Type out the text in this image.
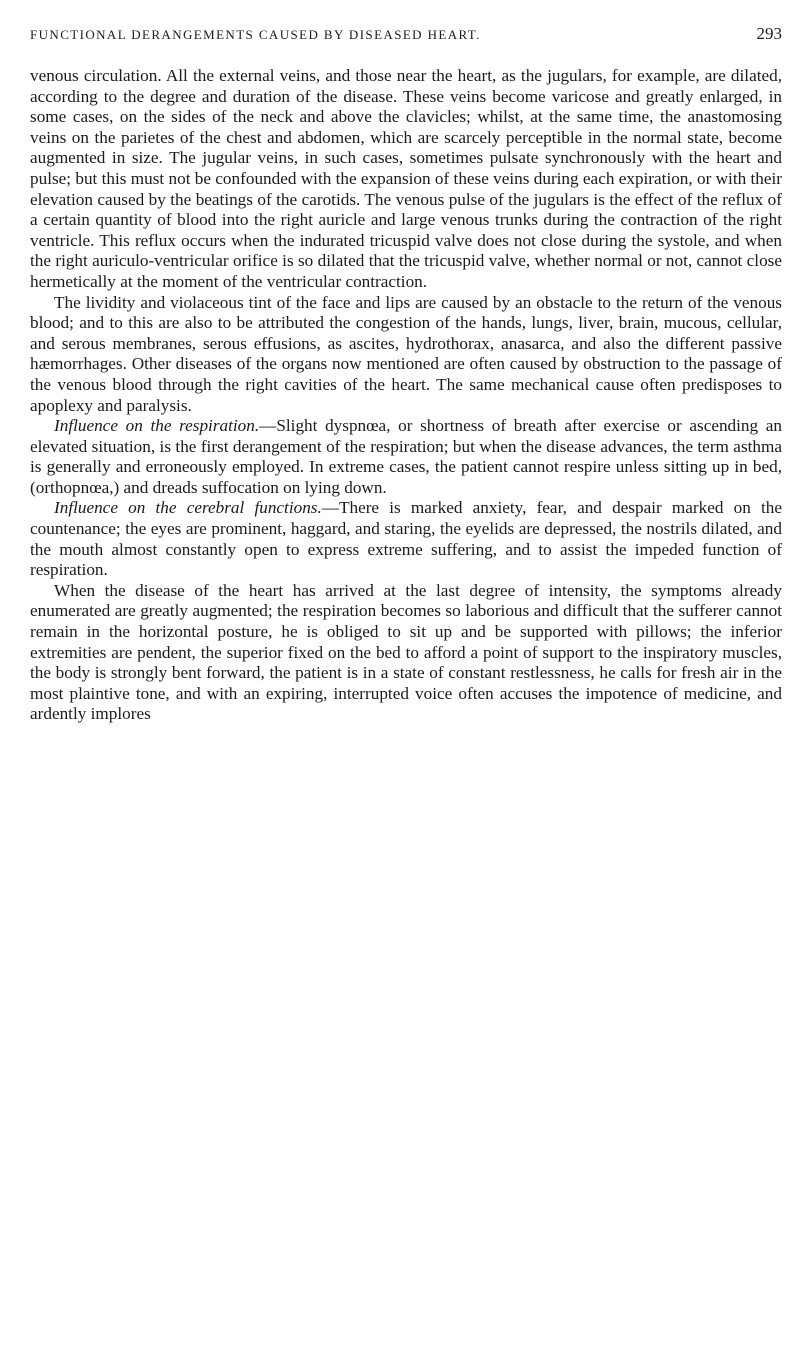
FUNCTIONAL DERANGEMENTS CAUSED BY DISEASED HEART.	293

venous circulation. All the external veins, and those near the heart, as the jugulars, for example, are dilated, according to the degree and duration of the disease. These veins become varicose and greatly enlarged, in some cases, on the sides of the neck and above the clavicles; whilst, at the same time, the anastomosing veins on the parietes of the chest and abdomen, which are scarcely perceptible in the normal state, become augmented in size. The jugular veins, in such cases, sometimes pulsate synchronously with the heart and pulse; but this must not be confounded with the expansion of these veins during each expiration, or with their elevation caused by the beatings of the carotids. The venous pulse of the jugulars is the effect of the reflux of a certain quantity of blood into the right auricle and large venous trunks during the contraction of the right ventricle. This reflux occurs when the indurated tricuspid valve does not close during the systole, and when the right auriculo-ventricular orifice is so dilated that the tricuspid valve, whether normal or not, cannot close hermetically at the moment of the ventricular contraction.

The lividity and violaceous tint of the face and lips are caused by an obstacle to the return of the venous blood; and to this are also to be attributed the congestion of the hands, lungs, liver, brain, mucous, cellular, and serous membranes, serous effusions, as ascites, hydrothorax, anasarca, and also the different passive hæmorrhages. Other diseases of the organs now mentioned are often caused by obstruction to the passage of the venous blood through the right cavities of the heart. The same mechanical cause often predisposes to apoplexy and paralysis.

Influence on the respiration.—Slight dyspnœa, or shortness of breath after exercise or ascending an elevated situation, is the first derangement of the respiration; but when the disease advances, the term asthma is generally and erroneously employed. In extreme cases, the patient cannot respire unless sitting up in bed, (orthopnœa,) and dreads suffocation on lying down.

Influence on the cerebral functions.—There is marked anxiety, fear, and despair marked on the countenance; the eyes are prominent, haggard, and staring, the eyelids are depressed, the nostrils dilated, and the mouth almost constantly open to express extreme suffering, and to assist the impeded function of respiration.

When the disease of the heart has arrived at the last degree of intensity, the symptoms already enumerated are greatly augmented; the respiration becomes so laborious and difficult that the sufferer cannot remain in the horizontal posture, he is obliged to sit up and be supported with pillows; the inferior extremities are pendent, the superior fixed on the bed to afford a point of support to the inspiratory muscles, the body is strongly bent forward, the patient is in a state of constant restlessness, he calls for fresh air in the most plaintive tone, and with an expiring, interrupted voice often accuses the impotence of medicine, and ardently implores
